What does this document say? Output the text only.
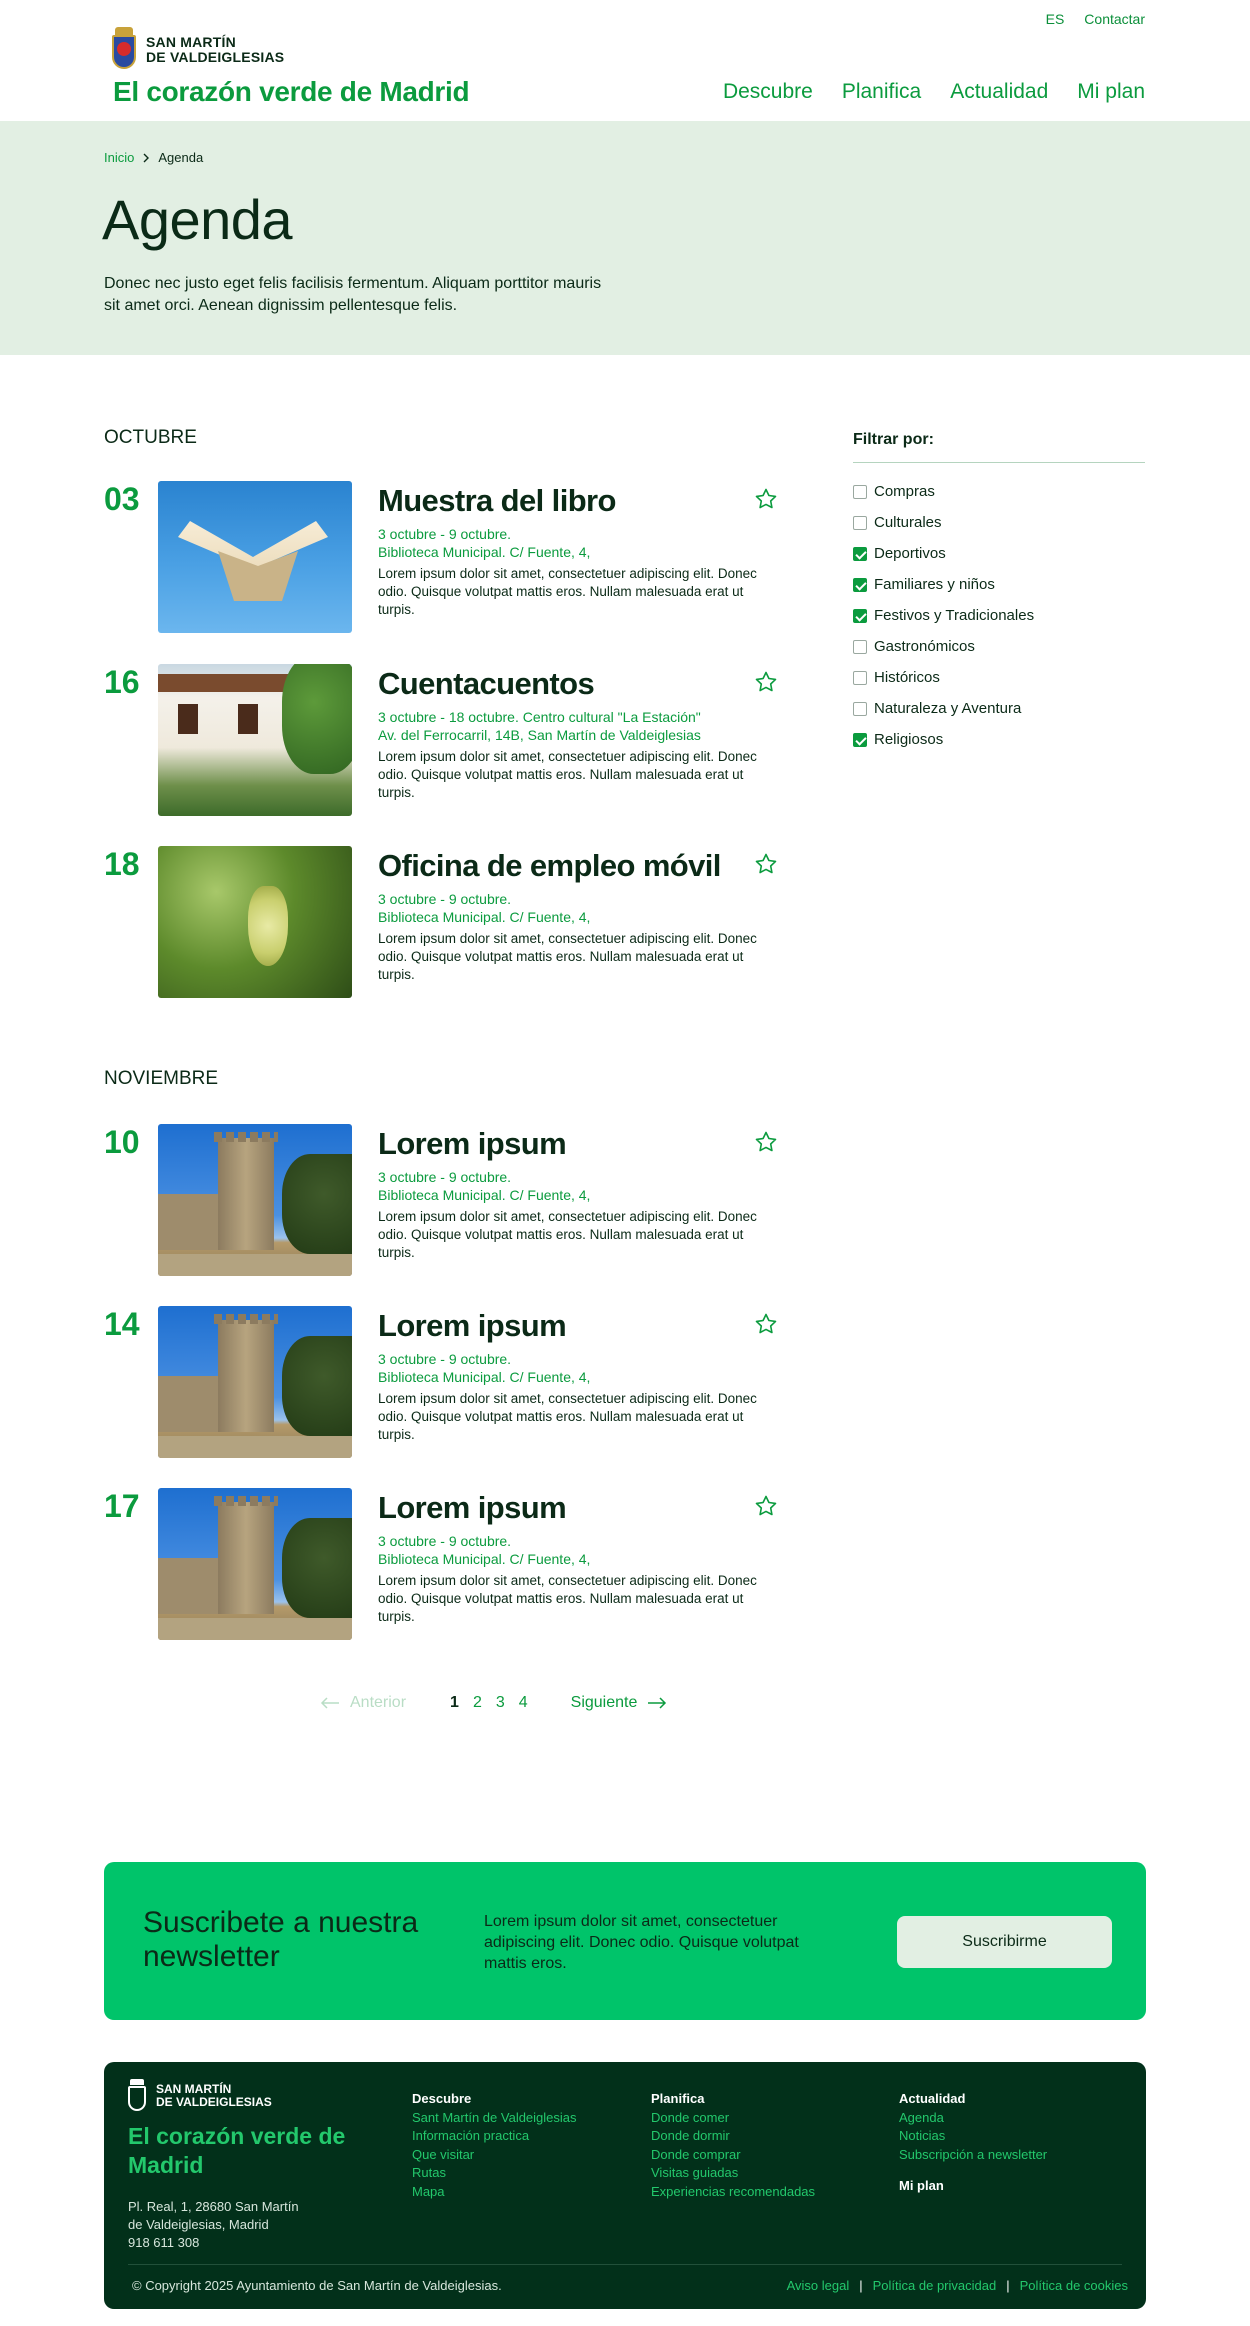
ES Contactar
SAN MARTÍN
DE VALDEIGLESIAS
El corazón verde de Madrid	Descubre Planifica Actualidad Mi plan
Inicio Agenda
Agenda

Donec nec justo eget felis facilisis fermentum. Aliquam porttitor mauris sit amet orci. Aenean dignissim pellentesque felis.

OCTUBRE
03	Muestra del libro
3 octubre - 9 octubre.
Biblioteca Municipal. C/ Fuente, 4,
Lorem ipsum dolor sit amet, consectetuer adipiscing elit. Donec odio. Quisque volutpat mattis eros. Nullam malesuada erat ut turpis.
16	Cuentacuentos
3 octubre - 18 octubre. Centro cultural "La Estación"
Av. del Ferrocarril, 14B, San Martín de Valdeiglesias
Lorem ipsum dolor sit amet, consectetuer adipiscing elit. Donec odio. Quisque volutpat mattis eros. Nullam malesuada erat ut turpis.
18	Oficina de empleo móvil
3 octubre - 9 octubre.
Biblioteca Municipal. C/ Fuente, 4,
Lorem ipsum dolor sit amet, consectetuer adipiscing elit. Donec odio. Quisque volutpat mattis eros. Nullam malesuada erat ut turpis.
NOVIEMBRE
10	Lorem ipsum
3 octubre - 9 octubre.
Biblioteca Municipal. C/ Fuente, 4,
Lorem ipsum dolor sit amet, consectetuer adipiscing elit. Donec odio. Quisque volutpat mattis eros. Nullam malesuada erat ut turpis.
14	Lorem ipsum
3 octubre - 9 octubre.
Biblioteca Municipal. C/ Fuente, 4,
Lorem ipsum dolor sit amet, consectetuer adipiscing elit. Donec odio. Quisque volutpat mattis eros. Nullam malesuada erat ut turpis.
17	Lorem ipsum
3 octubre - 9 octubre.
Biblioteca Municipal. C/ Fuente, 4,
Lorem ipsum dolor sit amet, consectetuer adipiscing elit. Donec odio. Quisque volutpat mattis eros. Nullam malesuada erat ut turpis.
Filtrar por:
Compras
Culturales
Deportivos
Familiares y niños
Festivos y Tradicionales
Gastronómicos
Históricos
Naturaleza y Aventura
Religiosos
Anterior	1 2 3 4	Siguiente
Suscribete a nuestra newsletter

Lorem ipsum dolor sit amet, consectetuer adipiscing elit. Donec odio. Quisque volutpat mattis eros.

Suscribirme
SAN MARTÍN
DE VALDEIGLESIAS
El corazón verde de Madrid
Pl. Real, 1, 28680 San Martín
de Valdeiglesias, Madrid
918 611 308
Descubre
Sant Martín de Valdeiglesias
Información practica
Que visitar
Rutas
Mapa
Planifica
Donde comer
Donde dormir
Donde comprar
Visitas guiadas
Experiencias recomendadas
Actualidad
Agenda
Noticias
Subscripción a newsletter
Mi plan
© Copyright 2025 Ayuntamiento de San Martín de Valdeiglesias.	Aviso legal | Política de privacidad | Política de cookies
